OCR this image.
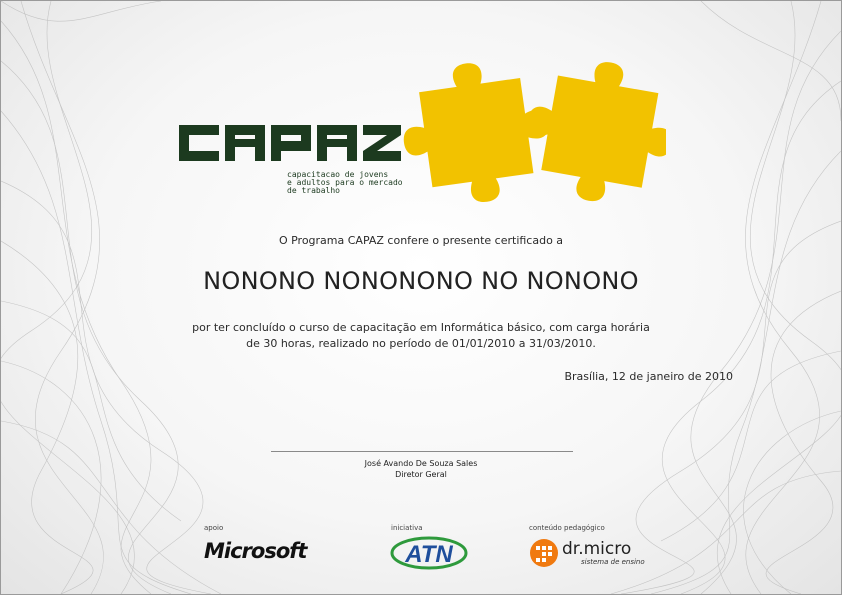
capacitacao de jovens
e adultos para o mercado
de trabalho
O Programa CAPAZ confere o presente certificado a
NONONO NONONONO NO NONONO
por ter concluído o curso de capacitação em Informática básico, com carga horária
de 30 horas, realizado no período de 01/01/2010 a 31/03/2010.
Brasília, 12 de janeiro de 2010
José Avando De Souza Sales
Diretor Geral
apoio	iniciativa	conteúdo pedagógico
Microsoft	ATN	dr.micro
sistema de ensino
